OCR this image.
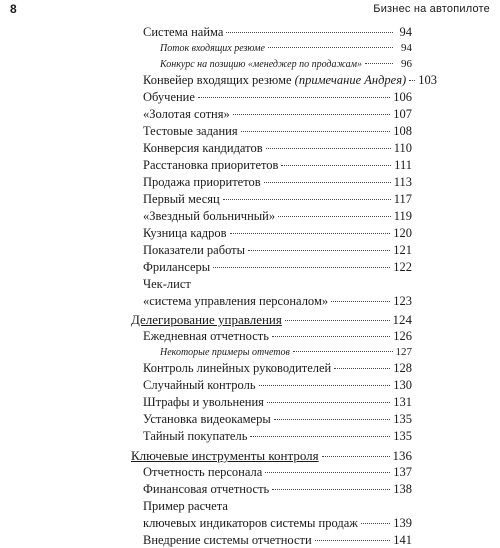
8	Бизнес на автопилоте
Система найма	94
Поток входящих резюме	94
Конкурс на позицию «менеджер по продажам»	96
Конвейер входящих резюме (примечание Андрея) 103
Обучение	106
«Золотая сотня»	107
Тестовые задания	108
Конверсия кандидатов	110
Расстановка приоритетов	111
Продажа приоритетов	113
Первый месяц	117
«Звездный больничный»	119
Кузница кадров	120
Показатели работы	121
Фрилансеры	122
Чек-лист
«система управления персоналом»	123
Делегирование управления	124
Ежедневная отчетность	126
Некоторые примеры отчетов	127
Контроль линейных руководителей	128
Случайный контроль	130
Штрафы и увольнения	131
Установка видеокамеры	135
Тайный покупатель	135
Ключевые инструменты контроля	136
Отчетность персонала	137
Финансовая отчетность	138
Пример расчета
ключевых индикаторов системы продаж	139
Внедрение системы отчетности	141
